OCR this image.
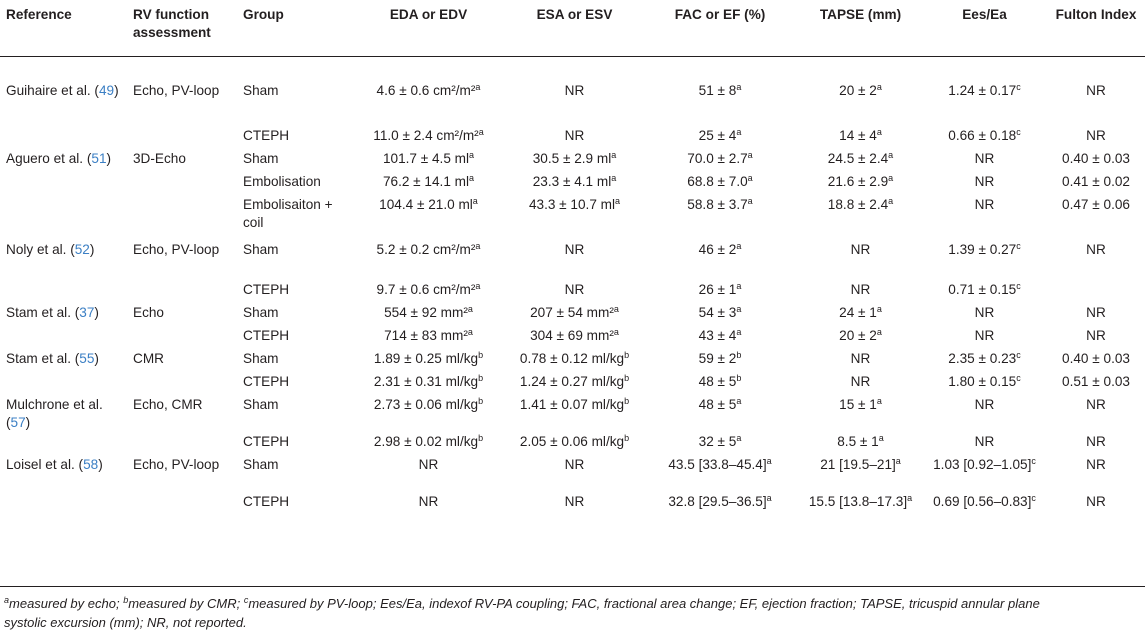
Reference	RV function assessment	Group	EDA or EDV	ESA or ESV	FAC or EF (%)	TAPSE (mm)	Ees/Ea	Fulton Index
Guihaire et al. (49)	Echo, PV-loop	Sham	4.6 ± 0.6 cm²/m²$^a$	NR	$51 \pm 8^a$	$20 \pm 2^a$	1.24 ± 0.17$^c$	NR
		CTEPH	11.0 ± 2.4 cm²/m²$^a$	NR	$25 \pm 4^a$	$14 \pm 4^a$	0.66 ± 0.18$^c$	NR
Aguero et al. (51)	3D-Echo	Sham	101.7 ± 4.5 $ml^a$	30.5 ± 2.9 $ml^a$	70.0 ± 2.7$^a$	24.5 ± 2.4$^a$	NR	0.40 ± 0.03
		Embolisation	76.2 ± 14.1 $ml^a$	23.3 ± 4.1 $ml^a$	68.8 ± 7.0$^a$	21.6 ± 2.9$^a$	NR	0.41 ± 0.02
		Embolisaiton + coil	104.4 ± 21.0 $ml^a$	43.3 ± 10.7 $ml^a$	58.8 ± 3.7$^a$	18.8 ± 2.4$^a$	NR	0.47 ± 0.06
Noly et al. (52)	Echo, PV-loop	Sham	5.2 ± 0.2 cm²/m²$^a$	NR	$46 \pm 2^a$	NR	1.39 ± 0.27$^c$	NR
		CTEPH	9.7 ± 0.6 cm²/m²$^a$	NR	$26 \pm 1^a$	NR	0.71 ± 0.15$^c$	
Stam et al. (37)	Echo	Sham	554 ± 92 mm²$^a$	207 ± 54 mm²$^a$	$54 \pm 3^a$	$24 \pm 1^a$	NR	NR
		CTEPH	714 ± 83 mm²$^a$	304 ± 69 mm²$^a$	$43 \pm 4^a$	$20 \pm 2^a$	NR	NR
Stam et al. (55)	CMR	Sham	1.89 ± 0.25 $ml/kg^b$	0.78 ± 0.12 $ml/kg^b$	$59 \pm 2^b$	NR	2.35 ± 0.23$^c$	0.40 ± 0.03
		CTEPH	2.31 ± 0.31 $ml/kg^b$	1.24 ± 0.27 $ml/kg^b$	$48 \pm 5^b$	NR	1.80 ± 0.15$^c$	0.51 ± 0.03
Mulchrone et al. (57)	Echo, CMR	Sham	2.73 ± 0.06 $ml/kg^b$	1.41 ± 0.07 $ml/kg^b$	$48 \pm 5^a$	$15 \pm 1^a$	NR	NR
		CTEPH	2.98 ± 0.02 $ml/kg^b$	2.05 ± 0.06 $ml/kg^b$	$32 \pm 5^a$	$8.5 \pm 1^a$	NR	NR
Loisel et al. (58)	Echo, PV-loop	Sham	NR	NR	43.5 $[33.8-45.4]^a$	21 $[19.5-21]^a$	1.03 $[0.92-1.05]^c$	NR
		CTEPH	NR	NR	32.8 $[29.5-36.5]^a$	15.5 $[13.8-17.3]^a$	0.69 $[0.56-0.83]^c$	NR
$^a$measured by echo; $^b$measured by CMR; $^c$measured by PV-loop; Ees/Ea, indexof RV-PA coupling; FAC, fractional area change; EF, ejection fraction; TAPSE, tricuspid annular plane systolic excursion (mm); NR, not reported.
